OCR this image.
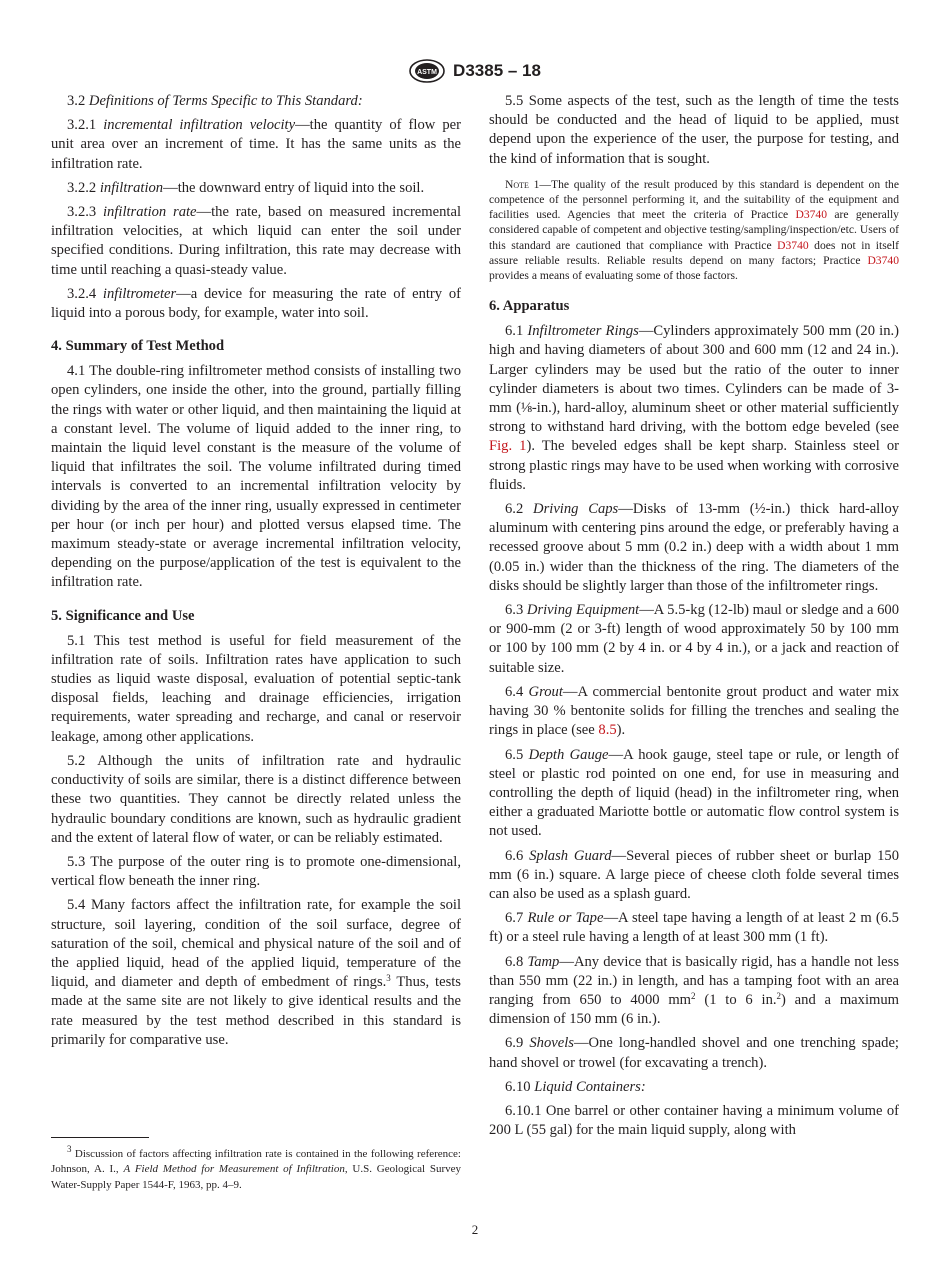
ASTM D3385 – 18

3.2 Definitions of Terms Specific to This Standard:

3.2.1 incremental infiltration velocity—the quantity of flow per unit area over an increment of time. It has the same units as the infiltration rate.

3.2.2 infiltration—the downward entry of liquid into the soil.

3.2.3 infiltration rate—the rate, based on measured incremental infiltration velocities, at which liquid can enter the soil under specified conditions. During infiltration, this rate may decrease with time until reaching a quasi-steady value.

3.2.4 infiltrometer—a device for measuring the rate of entry of liquid into a porous body, for example, water into soil.

4. Summary of Test Method

4.1 The double-ring infiltrometer method consists of installing two open cylinders, one inside the other, into the ground, partially filling the rings with water or other liquid, and then maintaining the liquid at a constant level. The volume of liquid added to the inner ring, to maintain the liquid level constant is the measure of the volume of liquid that infiltrates the soil. The volume infiltrated during timed intervals is converted to an incremental infiltration velocity by dividing by the area of the inner ring, usually expressed in centimeter per hour (or inch per hour) and plotted versus elapsed time. The maximum steady-state or average incremental infiltration velocity, depending on the purpose/application of the test is equivalent to the infiltration rate.

5. Significance and Use

5.1 This test method is useful for field measurement of the infiltration rate of soils. Infiltration rates have application to such studies as liquid waste disposal, evaluation of potential septic-tank disposal fields, leaching and drainage efficiencies, irrigation requirements, water spreading and recharge, and canal or reservoir leakage, among other applications.

5.2 Although the units of infiltration rate and hydraulic conductivity of soils are similar, there is a distinct difference between these two quantities. They cannot be directly related unless the hydraulic boundary conditions are known, such as hydraulic gradient and the extent of lateral flow of water, or can be reliably estimated.

5.3 The purpose of the outer ring is to promote one-dimensional, vertical flow beneath the inner ring.

5.4 Many factors affect the infiltration rate, for example the soil structure, soil layering, condition of the soil surface, degree of saturation of the soil, chemical and physical nature of the soil and of the applied liquid, head of the applied liquid, temperature of the liquid, and diameter and depth of embedment of rings.$^3$ Thus, tests made at the same site are not likely to give identical results and the rate measured by the test method described in this standard is primarily for comparative use.

$^3$ Discussion of factors affecting infiltration rate is contained in the following reference: Johnson, A. I., A Field Method for Measurement of Infiltration, U.S. Geological Survey Water-Supply Paper 1544-F, 1963, pp. 4–9.

5.5 Some aspects of the test, such as the length of time the tests should be conducted and the head of liquid to be applied, must depend upon the experience of the user, the purpose for testing, and the kind of information that is sought.

Note 1—The quality of the result produced by this standard is dependent on the competence of the personnel performing it, and the suitability of the equipment and facilities used. Agencies that meet the criteria of Practice D3740 are generally considered capable of competent and objective testing/sampling/inspection/etc. Users of this standard are cautioned that compliance with Practice D3740 does not in itself assure reliable results. Reliable results depend on many factors; Practice D3740 provides a means of evaluating some of those factors.
6. Apparatus

6.1 Infiltrometer Rings—Cylinders approximately 500 mm (20 in.) high and having diameters of about 300 and 600 mm (12 and 24 in.). Larger cylinders may be used but the ratio of the outer to inner cylinder diameters is about two times. Cylinders can be made of 3-mm (⅛-in.), hard-alloy, aluminum sheet or other material sufficiently strong to withstand hard driving, with the bottom edge beveled (see Fig. 1). The beveled edges shall be kept sharp. Stainless steel or strong plastic rings may have to be used when working with corrosive fluids.

6.2 Driving Caps—Disks of 13-mm (½-in.) thick hard-alloy aluminum with centering pins around the edge, or preferably having a recessed groove about 5 mm (0.2 in.) deep with a width about 1 mm (0.05 in.) wider than the thickness of the ring. The diameters of the disks should be slightly larger than those of the infiltrometer rings.

6.3 Driving Equipment—A 5.5-kg (12-lb) maul or sledge and a 600 or 900-mm (2 or 3-ft) length of wood approximately 50 by 100 mm or 100 by 100 mm (2 by 4 in. or 4 by 4 in.), or a jack and reaction of suitable size.

6.4 Grout—A commercial bentonite grout product and water mix having 30 % bentonite solids for filling the trenches and sealing the rings in place (see 8.5).

6.5 Depth Gauge—A hook gauge, steel tape or rule, or length of steel or plastic rod pointed on one end, for use in measuring and controlling the depth of liquid (head) in the infiltrometer ring, when either a graduated Mariotte bottle or automatic flow control system is not used.

6.6 Splash Guard—Several pieces of rubber sheet or burlap 150 mm (6 in.) square. A large piece of cheese cloth folde several times can also be used as a splash guard.

6.7 Rule or Tape—A steel tape having a length of at least 2 m (6.5 ft) or a steel rule having a length of at least 300 mm (1 ft).

6.8 Tamp—Any device that is basically rigid, has a handle not less than 550 mm (22 in.) in length, and has a tamping foot with an area ranging from 650 to 4000 $mm^2$ (1 to 6 in.$^2$) and a maximum dimension of 150 mm (6 in.).

6.9 Shovels—One long-handled shovel and one trenching spade; hand shovel or trowel (for excavating a trench).

6.10 Liquid Containers:

6.10.1 One barrel or other container having a minimum volume of 200 L (55 gal) for the main liquid supply, along with

2
